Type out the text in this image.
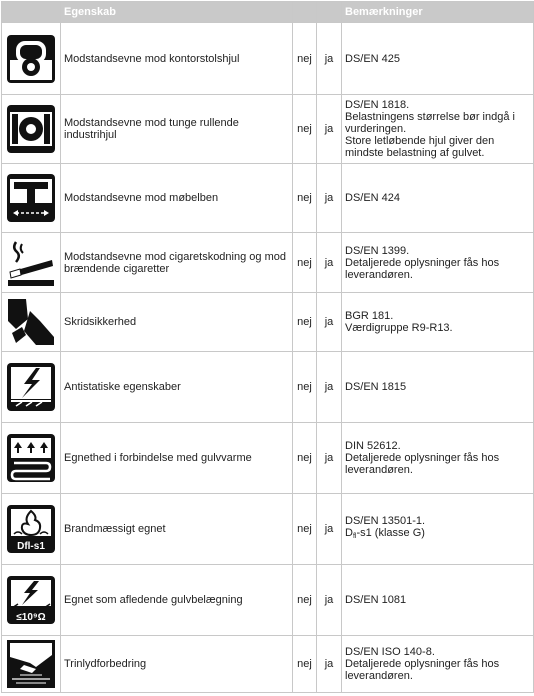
	Egenskab			Bemærkninger

	Modstandsevne mod kontorstolshjul	nej	ja	DS/EN 425

	Modstandsevne mod tunge rullende industrihjul	nej	ja	DS/EN 1818.
Belastningens størrelse bør indgå i vurderingen.
Store letløbende hjul giver den mindste belastning af gulvet.

	Modstandsevne mod møbelben	nej	ja	DS/EN 424

	Modstandsevne mod cigaretskodning og mod brændende cigaretter	nej	ja	DS/EN 1399.
Detaljerede oplysninger fås hos leverandøren.

	Skridsikkerhed	nej	ja	BGR 181.
Værdigruppe R9-R13.

	Antistatiske egenskaber	nej	ja	DS/EN 1815

	Egnethed i forbindelse med gulvvarme	nej	ja	DIN 52612.
Detaljerede oplysninger fås hos leverandøren.

Dfl-s1	Brandmæssigt egnet	nej	ja	DS/EN 13501-1.
$D_{fl}-s1$ (klasse G)

≤10⁹Ω	Egnet som afledende gulvbelægning	nej	ja	DS/EN 1081

	Trinlydforbedring	nej	ja	DS/EN ISO 140-8.
Detaljerede oplysninger fås hos leverandøren.
